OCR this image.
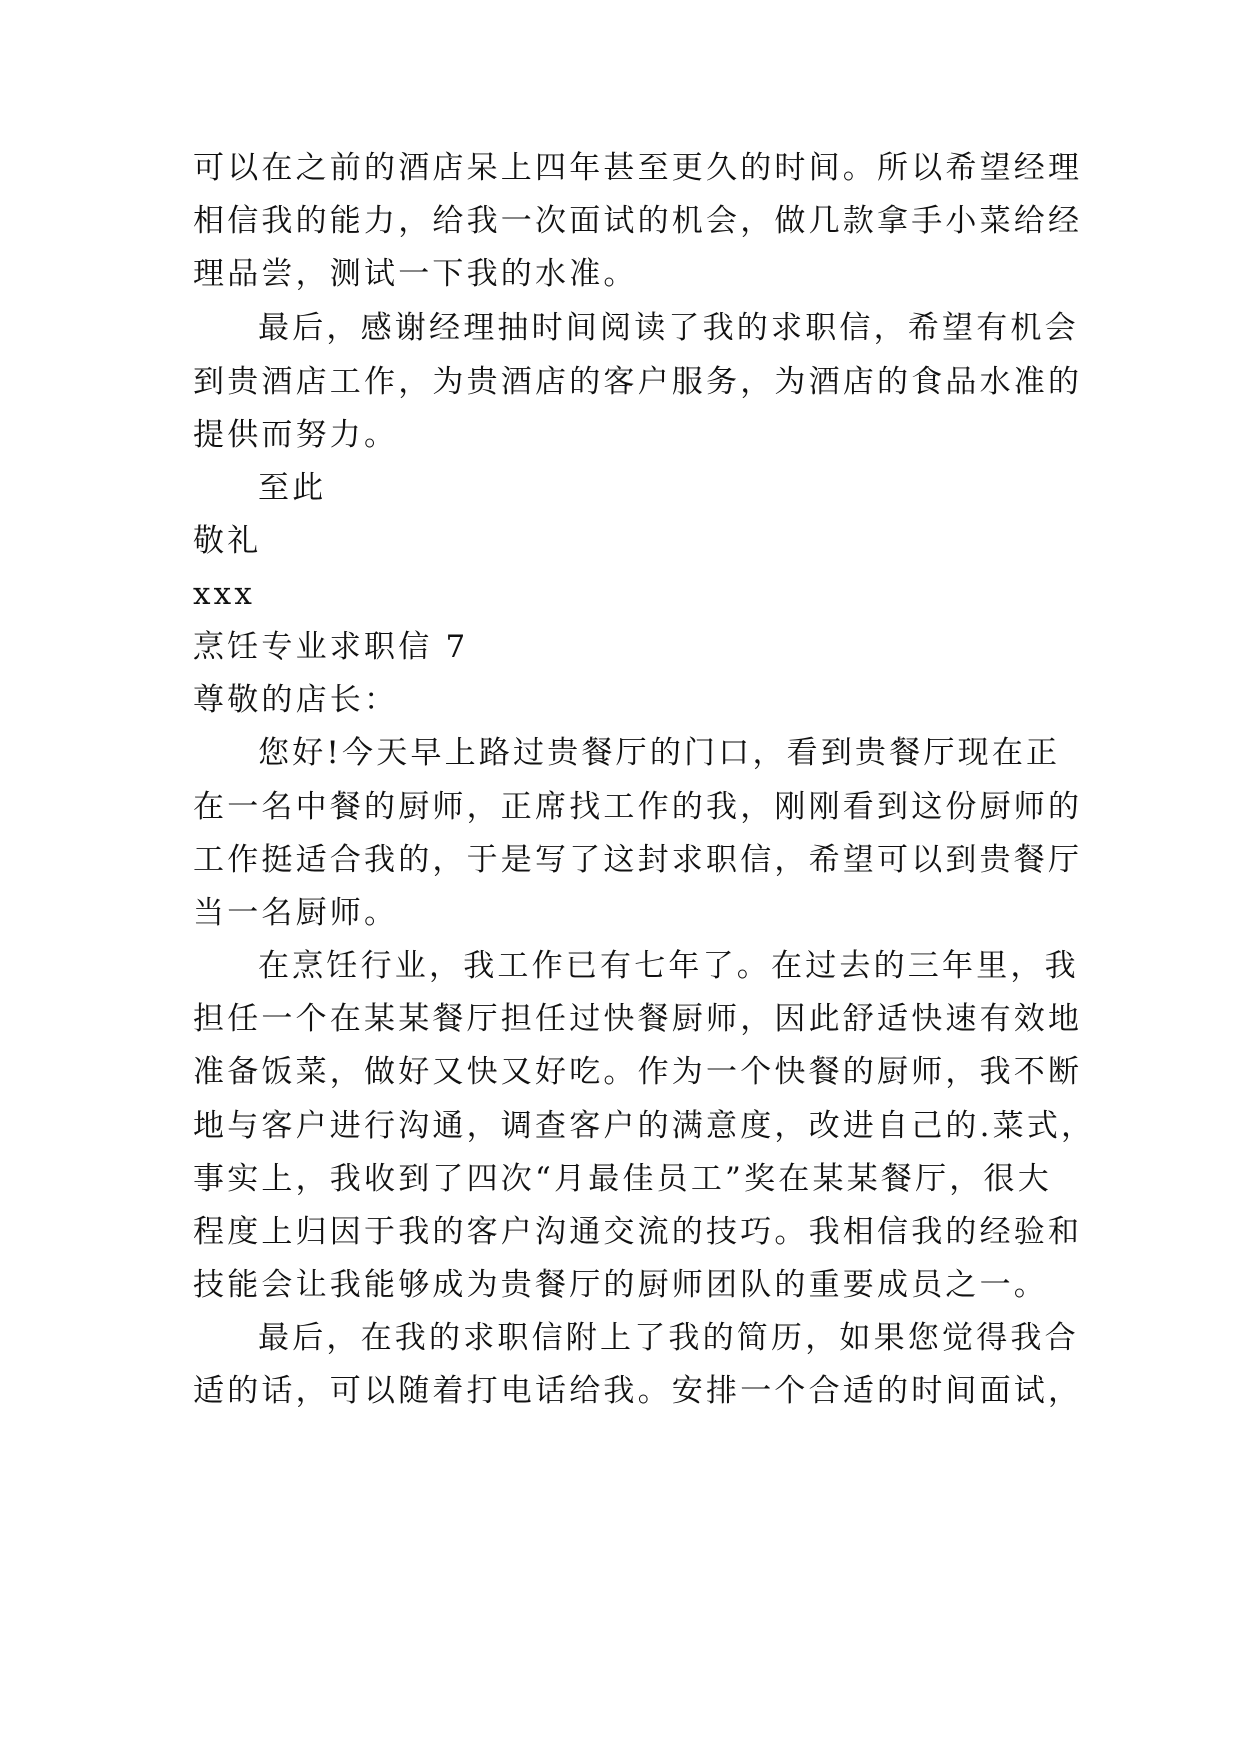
可以在之前的酒店呆上四年甚至更久的时间。所以希望经理
相信我的能力，给我一次面试的机会，做几款拿手小菜给经
理品尝，测试一下我的水准。
最后，感谢经理抽时间阅读了我的求职信，希望有机会
到贵酒店工作，为贵酒店的客户服务，为酒店的食品水准的
提供而努力。
至此
敬礼
xxx
烹饪专业求职信 7
尊敬的店长：
您好!今天早上路过贵餐厅的门口，看到贵餐厅现在正
在一名中餐的厨师，正席找工作的我，刚刚看到这份厨师的
工作挺适合我的，于是写了这封求职信，希望可以到贵餐厅
当一名厨师。
在烹饪行业，我工作已有七年了。在过去的三年里，我
担任一个在某某餐厅担任过快餐厨师，因此舒适快速有效地
准备饭菜，做好又快又好吃。作为一个快餐的厨师，我不断
地与客户进行沟通，调查客户的满意度，改进自己的.菜式，
事实上，我收到了四次“月最佳员工”奖在某某餐厅，很大
程度上归因于我的客户沟通交流的技巧。我相信我的经验和
技能会让我能够成为贵餐厅的厨师团队的重要成员之一。
最后，在我的求职信附上了我的简历，如果您觉得我合
适的话，可以随着打电话给我。安排一个合适的时间面试，
